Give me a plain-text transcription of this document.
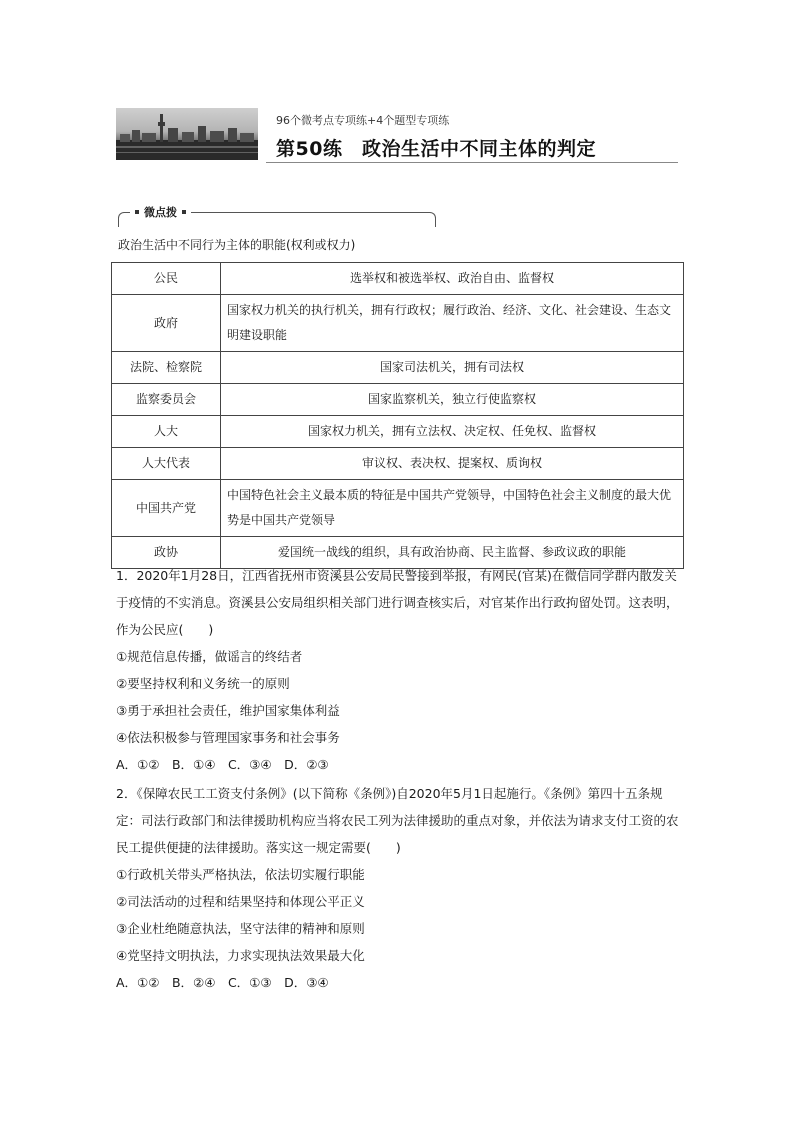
96个微考点专项练+4个题型专项练
第50练　政治生活中不同主体的判定
微点拨
政治生活中不同行为主体的职能(权利或权力)
公民	选举权和被选举权、政治自由、监督权
政府	国家权力机关的执行机关，拥有行政权；履行政治、经济、文化、社会建设、生态文明建设职能
法院、检察院	国家司法机关，拥有司法权
监察委员会	国家监察机关，独立行使监察权
人大	国家权力机关，拥有立法权、决定权、任免权、监督权
人大代表	审议权、表决权、提案权、质询权
中国共产党	中国特色社会主义最本质的特征是中国共产党领导，中国特色社会主义制度的最大优势是中国共产党领导
政协	爱国统一战线的组织，具有政治协商、民主监督、参政议政的职能

1．2020年1月28日，江西省抚州市资溪县公安局民警接到举报，有网民(官某)在微信同学群内散发关于疫情的不实消息。资溪县公安局组织相关部门进行调查核实后，对官某作出行政拘留处罚。这表明，作为公民应(　　)

①规范信息传播，做谣言的终结者

②要坚持权利和义务统一的原则

③勇于承担社会责任，维护国家集体利益

④依法积极参与管理国家事务和社会事务

A．①②　B．①④　C．③④　D．②③

2．《保障农民工工资支付条例》(以下简称《条例》)自2020年5月1日起施行。《条例》第四十五条规定：司法行政部门和法律援助机构应当将农民工列为法律援助的重点对象，并依法为请求支付工资的农民工提供便捷的法律援助。落实这一规定需要(　　)

①行政机关带头严格执法，依法切实履行职能

②司法活动的过程和结果坚持和体现公平正义

③企业杜绝随意执法，坚守法律的精神和原则

④党坚持文明执法，力求实现执法效果最大化

A．①②　B．②④　C．①③　D．③④
